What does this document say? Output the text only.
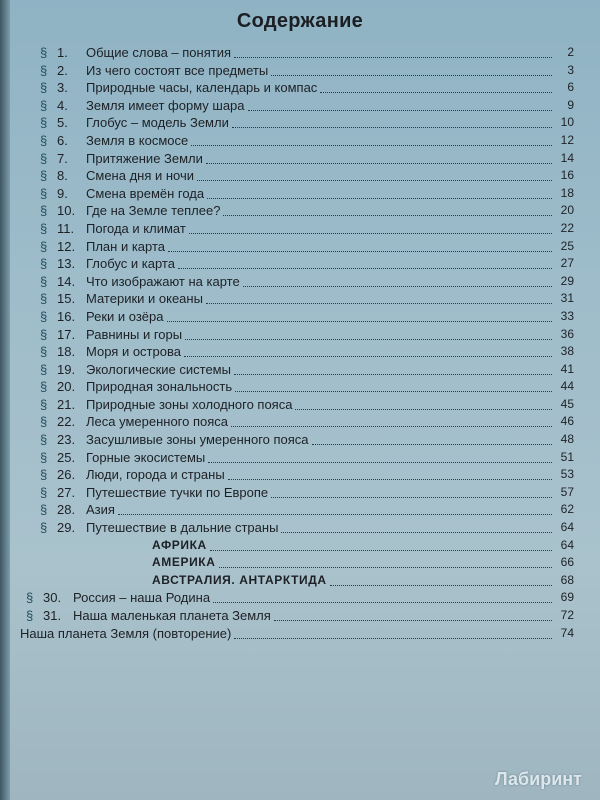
Содержание
§ 1. Общие слова – понятия	2
§ 2. Из чего состоят все предметы	3
§ 3. Природные часы, календарь и компас	6
§ 4. Земля имеет форму шара	9
§ 5. Глобус – модель Земли	10
§ 6. Земля в космосе	12
§ 7. Притяжение Земли	14
§ 8. Смена дня и ночи	16
§ 9. Смена времён года	18
§ 10. Где на Земле теплее?	20
§ 11. Погода и климат	22
§ 12. План и карта	25
§ 13. Глобус и карта	27
§ 14. Что изображают на карте	29
§ 15. Материки и океаны	31
§ 16. Реки и озёра	33
§ 17. Равнины и горы	36
§ 18. Моря и острова	38
§ 19. Экологические системы	41
§ 20. Природная зональность	44
§ 21. Природные зоны холодного пояса	45
§ 22. Леса умеренного пояса	46
§ 23. Засушливые зоны умеренного пояса	48
§ 25. Горные экосистемы	51
§ 26. Люди, города и страны	53
§ 27. Путешествие тучки по Европе	57
§ 28. Азия	62
§ 29. Путешествие в дальние страны	64
АФРИКА	64
АМЕРИКА	66
АВСТРАЛИЯ. АНТАРКТИДА	68
§ 30. Россия – наша Родина	69
§ 31. Наша маленькая планета Земля	72
Наша планета Земля (повторение)	74
Лабиринт
